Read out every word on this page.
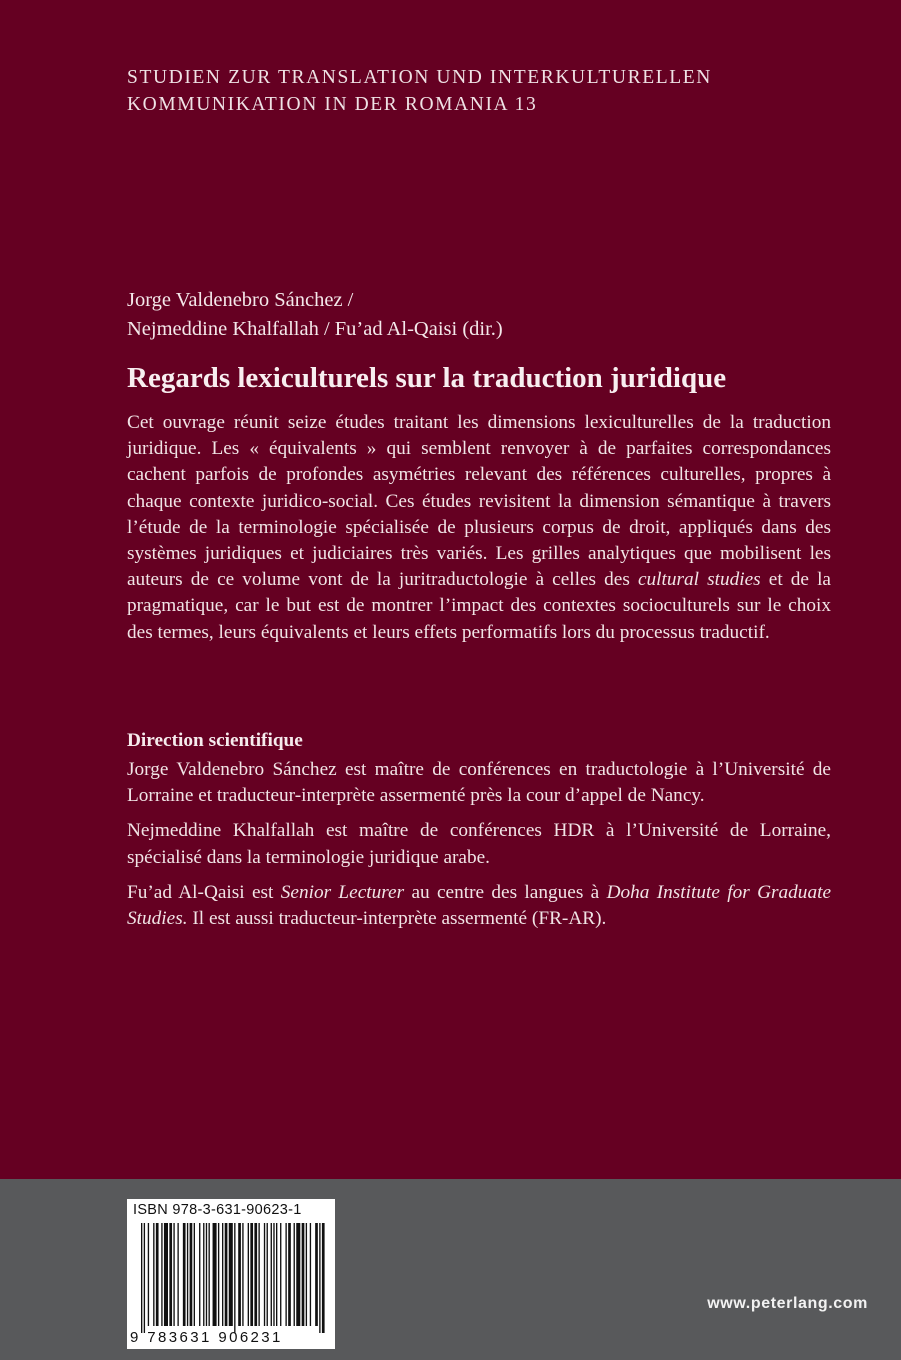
STUDIEN ZUR TRANSLATION UND INTERKULTURELLEN
KOMMUNIKATION IN DER ROMANIA 13
Jorge Valdenebro Sánchez /
Nejmeddine Khalfallah / Fu’ad Al-Qaisi (dir.)
Regards lexiculturels sur la traduction juridique

Cet ouvrage réunit seize études traitant les dimensions lexiculturelles de la traduction juridique. Les « équivalents » qui semblent renvoyer à de parfaites correspondances cachent parfois de profondes asymétries relevant des références culturelles, propres à chaque contexte juridico-social. Ces études revisitent la dimension sémantique à travers l’étude de la terminologie spécialisée de plusieurs corpus de droit, appliqués dans des systèmes juridiques et judiciaires très variés. Les grilles analytiques que mobilisent les auteurs de ce volume vont de la juritraductologie à celles des cultural studies et de la pragmatique, car le but est de montrer l’impact des contextes socioculturels sur le choix des termes, leurs équivalents et leurs effets performatifs lors du processus traductif.

Direction scientifique

Jorge Valdenebro Sánchez est maître de conférences en traductologie à l’Université de Lorraine et traducteur-interprète assermenté près la cour d’appel de Nancy.

Nejmeddine Khalfallah est maître de conférences HDR à l’Université de Lorraine, spécialisé dans la terminologie juridique arabe.

Fu’ad Al-Qaisi est Senior Lecturer au centre des langues à Doha Institute for Graduate Studies. Il est aussi traducteur-interprète assermenté (FR-AR).

ISBN 978-3-631-90623-1
9 783631 906231
www.peterlang.com
